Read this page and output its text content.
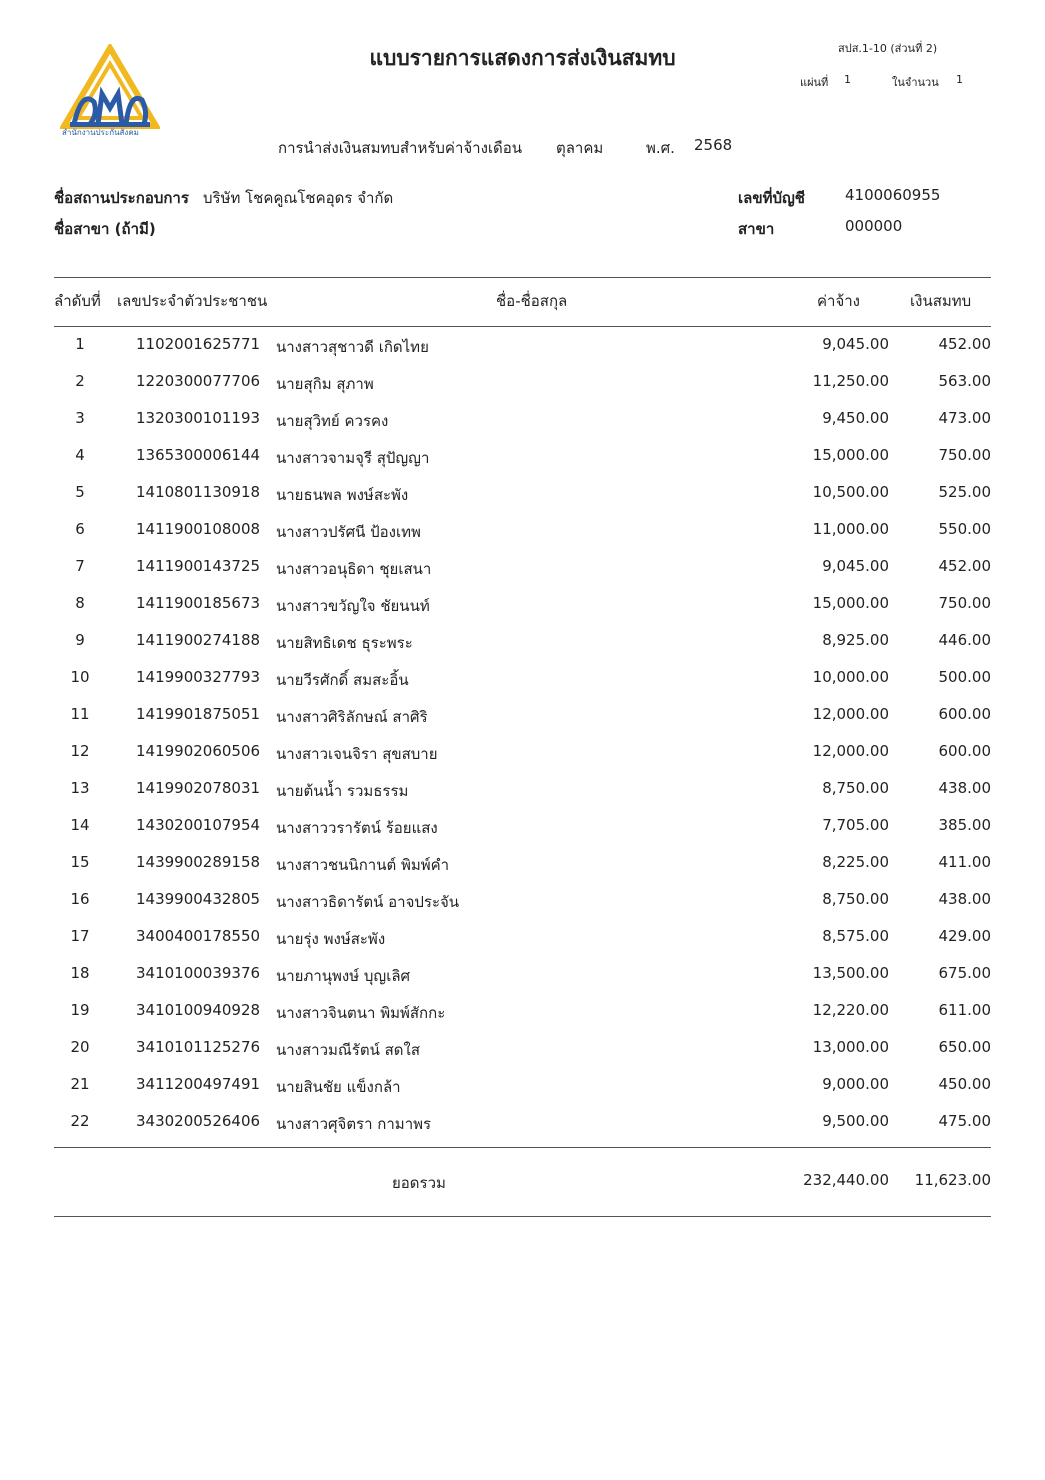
สำนักงานประกันสังคม
แบบรายการแสดงการส่งเงินสมทบ	สปส.1-10 (ส่วนที่ 2)
แผ่นที่ 1	ในจำนวน 1
การนำส่งเงินสมทบสำหรับค่าจ้างเดือน ตุลาคม	พ.ศ. 2568
ชื่อสถานประกอบการ บริษัท โชคคูณโชคอุดร จำกัด
ชื่อสาขา (ถ้ามี)
เลขที่บัญชี	4100060955
สาขา	000000
ลำดับที่ เลขประจำตัวประชาชน	ชื่อ-ชื่อสกุล	ค่าจ้าง	เงินสมทบ
1	1102001625771 นางสาวสุชาวดี เกิดไทย	9,045.00	452.00
2	1220300077706 นายสุกิม สุภาพ	11,250.00	563.00
3	1320300101193 นายสุวิทย์ ควรคง	9,450.00	473.00
4	1365300006144 นางสาวจามจุรี สุปัญญา	15,000.00	750.00
5	1410801130918 นายธนพล พงษ์สะพัง	10,500.00	525.00
6	1411900108008 นางสาวปรัศนี ป้องเทพ	11,000.00	550.00
7	1411900143725 นางสาวอนุธิดา ชุยเสนา	9,045.00	452.00
8	1411900185673 นางสาวขวัญใจ ชัยนนท์	15,000.00	750.00
9	1411900274188 นายสิทธิเดช ธุระพระ	8,925.00	446.00
10	1419900327793 นายวีรศักดิ์ สมสะอิ้น	10,000.00	500.00
11	1419901875051 นางสาวศิริลักษณ์ สาศิริ	12,000.00	600.00
12	1419902060506 นางสาวเจนจิรา สุขสบาย	12,000.00	600.00
13	1419902078031 นายต้นน้ำ รวมธรรม	8,750.00	438.00
14	1430200107954 นางสาววรารัตน์ ร้อยแสง	7,705.00	385.00
15	1439900289158 นางสาวชนนิกานต์ พิมพ์คำ	8,225.00	411.00
16	1439900432805 นางสาวธิดารัตน์ อาจประจัน	8,750.00	438.00
17	3400400178550 นายรุ่ง พงษ์สะพัง	8,575.00	429.00
18	3410100039376 นายภานุพงษ์ บุญเลิศ	13,500.00	675.00
19	3410100940928 นางสาวจินตนา พิมพ์สักกะ	12,220.00	611.00
20	3410101125276 นางสาวมณีรัตน์ สดใส	13,000.00	650.00
21	3411200497491 นายสินชัย แข็งกล้า	9,000.00	450.00
22	3430200526406 นางสาวศุจิตรา กามาพร	9,500.00	475.00
ยอดรวม	232,440.00 11,623.00
